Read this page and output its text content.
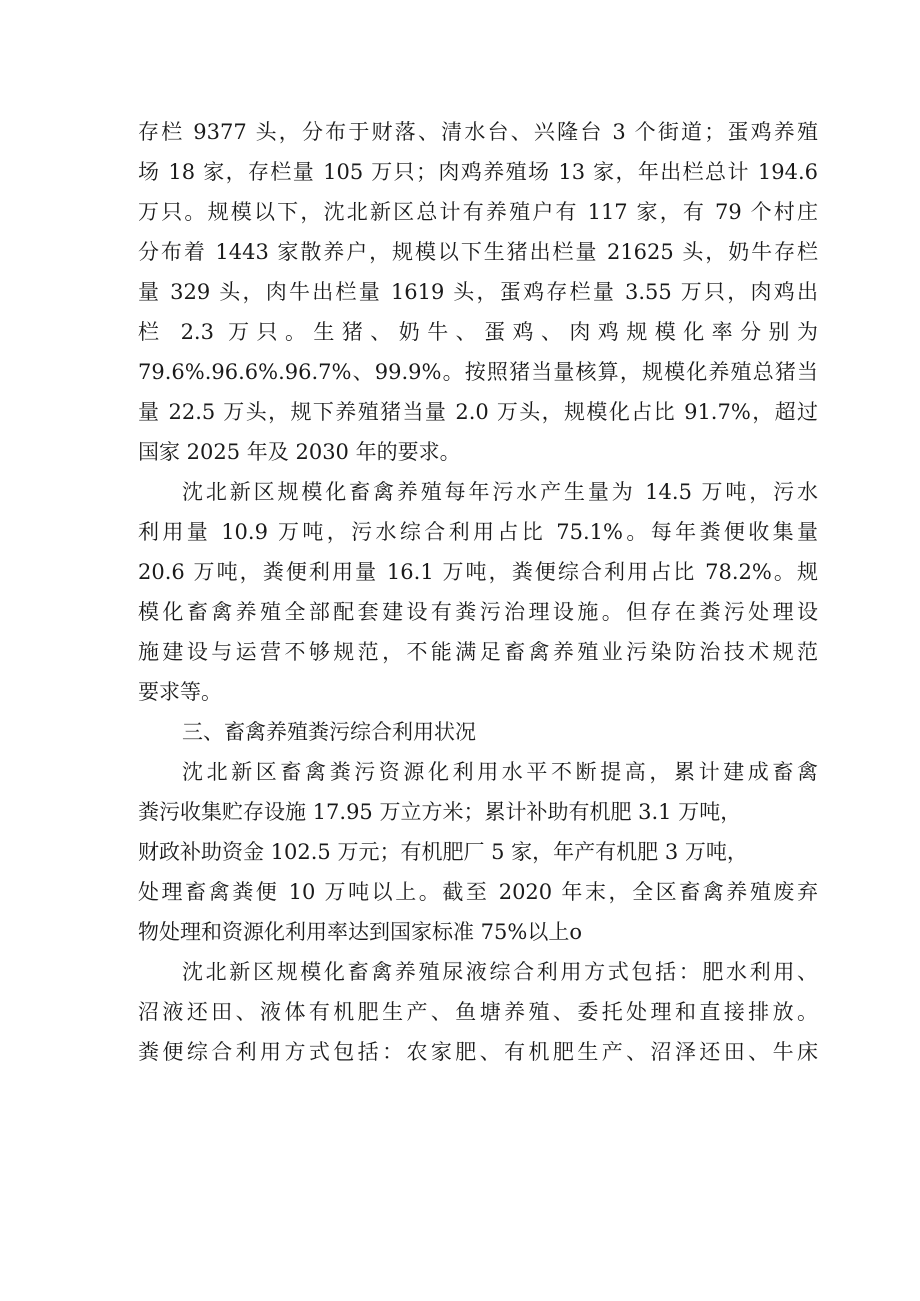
存栏 9377 头，分布于财落、清水台、兴隆台 3 个街道；蛋鸡养殖
场 18 家，存栏量 105 万只；肉鸡养殖场 13 家，年出栏总计 194.6
万只。规模以下，沈北新区总计有养殖户有 117 家，有 79 个村庄
分布着 1443 家散养户，规模以下生猪出栏量 21625 头，奶牛存栏
量 329 头，肉牛出栏量 1619 头，蛋鸡存栏量 3.55 万只，肉鸡出
栏 2.3 万只。生猪、奶牛、蛋鸡、肉鸡规模化率分别为
79.6%.96.6%.96.7%、99.9%。按照猪当量核算，规模化养殖总猪当
量 22.5 万头，规下养殖猪当量 2.0 万头，规模化占比 91.7%，超过
国家 2025 年及 2030 年的要求。
沈北新区规模化畜禽养殖每年污水产生量为 14.5 万吨，污水
利用量 10.9 万吨，污水综合利用占比 75.1%。每年粪便收集量
20.6 万吨，粪便利用量 16.1 万吨，粪便综合利用占比 78.2%。规
模化畜禽养殖全部配套建设有粪污治理设施。但存在粪污处理设
施建设与运营不够规范，不能满足畜禽养殖业污染防治技术规范
要求等。
三、畜禽养殖粪污综合利用状况
沈北新区畜禽粪污资源化利用水平不断提高，累计建成畜禽
粪污收集贮存设施 17.95 万立方米；累计补助有机肥 3.1 万吨，
财政补助资金 102.5 万元；有机肥厂 5 家，年产有机肥 3 万吨，
处理畜禽粪便 10 万吨以上。截至 2020 年末，全区畜禽养殖废弃
物处理和资源化利用率达到国家标准 75%以上o
沈北新区规模化畜禽养殖尿液综合利用方式包括：肥水利用、
沼液还田、液体有机肥生产、鱼塘养殖、委托处理和直接排放。
粪便综合利用方式包括：农家肥、有机肥生产、沼泽还田、牛床
